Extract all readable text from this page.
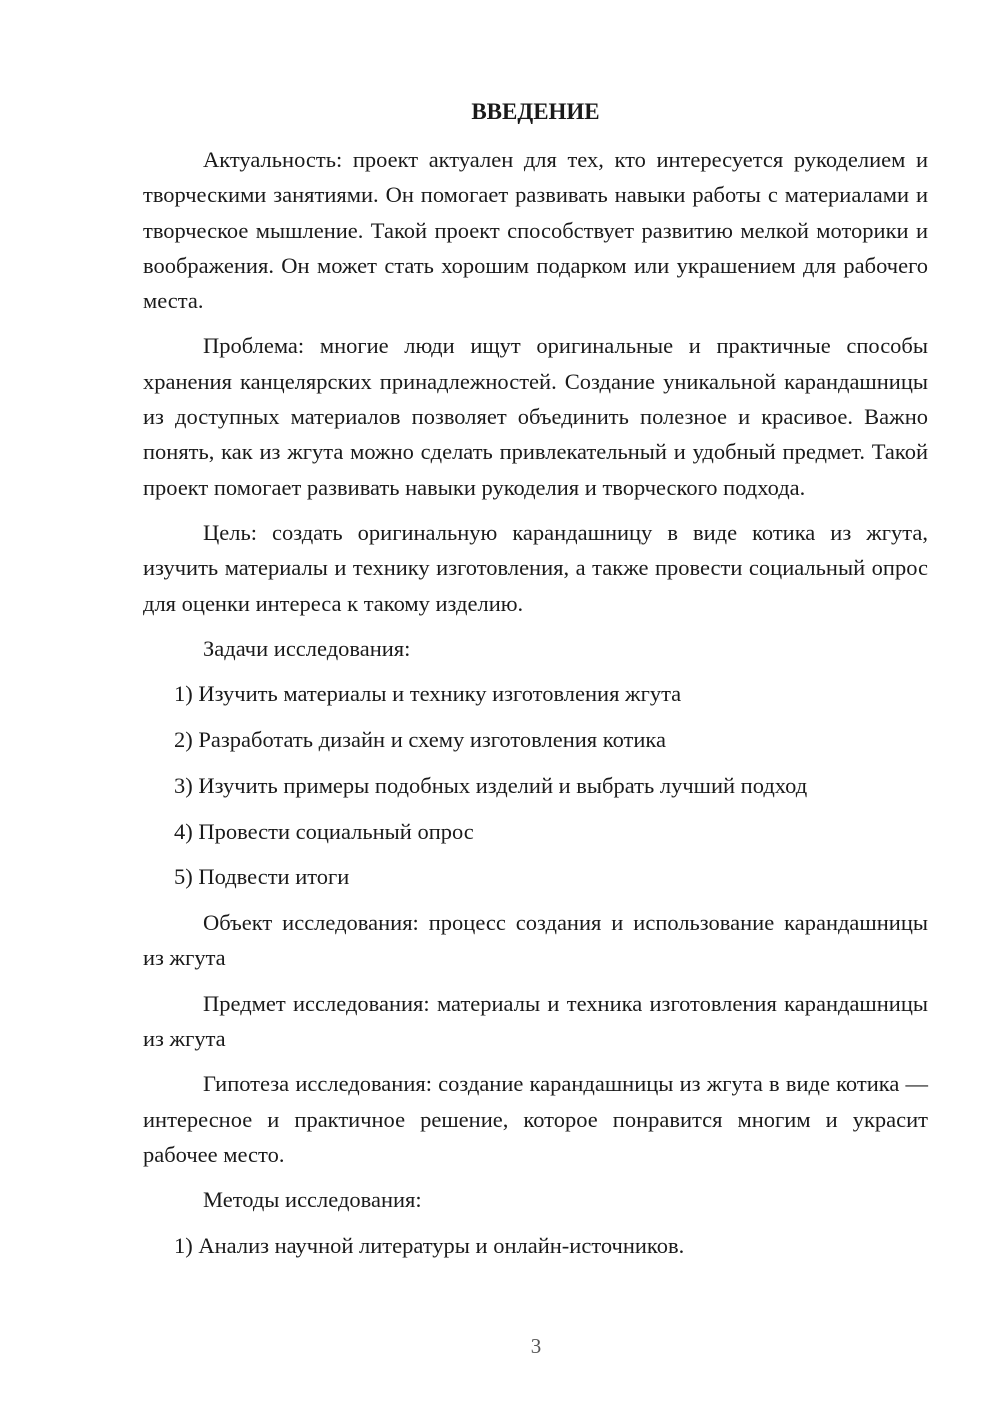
ВВЕДЕНИЕ

Актуальность: проект актуален для тех, кто интересуется рукоделием и творческими занятиями. Он помогает развивать навыки работы с материалами и творческое мышление. Такой проект способствует развитию мелкой моторики и воображения. Он может стать хорошим подарком или украшением для рабочего места.

Проблема: многие люди ищут оригинальные и практичные способы хранения канцелярских принадлежностей. Создание уникальной карандашницы из доступных материалов позволяет объединить полезное и красивое. Важно понять, как из жгута можно сделать привлекательный и удобный предмет. Такой проект помогает развивать навыки рукоделия и творческого подхода.

Цель: создать оригинальную карандашницу в виде котика из жгута, изучить материалы и технику изготовления, а также провести социальный опрос для оценки интереса к такому изделию.

Задачи исследования:

1) Изучить материалы и технику изготовления жгута
2) Разработать дизайн и схему изготовления котика
3) Изучить примеры подобных изделий и выбрать лучший подход
4) Провести социальный опрос
5) Подвести итоги

Объект исследования: процесс создания и использование карандашницы из жгута

Предмет исследования: материалы и техника изготовления карандашницы из жгута

Гипотеза исследования: создание карандашницы из жгута в виде котика — интересное и практичное решение, которое понравится многим и украсит рабочее место.

Методы исследования:

1) Анализ научной литературы и онлайн-источников.
3
